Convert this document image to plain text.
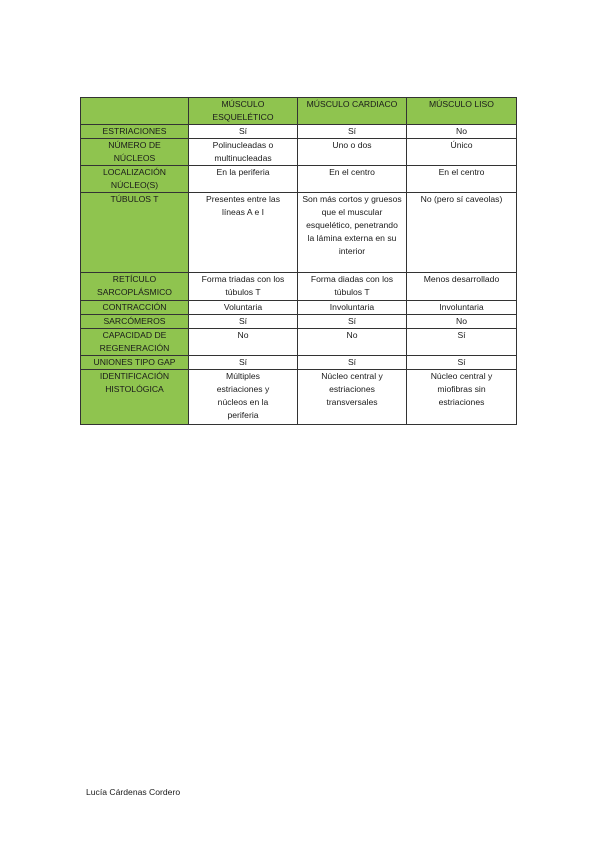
	MÚSCULO ESQUELÉTICO	MÚSCULO CARDIACO	MÚSCULO LISO
ESTRIACIONES	Sí	Sí	No
NÚMERO DE NÚCLEOS	Polinucleadas o multinucleadas	Uno o dos	Único
LOCALIZACIÓN NÚCLEO(S)	En la periferia	En el centro	En el centro
TÚBULOS T	Presentes entre las líneas A e I	Son más cortos y gruesos que el muscular esquelético, penetrando la lámina externa en su interior	No (pero sí caveolas)
RETÍCULO SARCOPLÁSMICO	Forma triadas con los túbulos T	Forma diadas con los túbulos T	Menos desarrollado
CONTRACCIÓN	Voluntaria	Involuntaria	Involuntaria
SARCÓMEROS	Sí	Sí	No
CAPACIDAD DE REGENERACIÓN	No	No	Sí
UNIONES TIPO GAP	Sí	Sí	Sí
IDENTIFICACIÓN HISTOLÓGICA	Múltiples estriaciones y núcleos en la periferia	Núcleo central y estriaciones transversales	Núcleo central y miofibras sin estriaciones
Lucía Cárdenas Cordero
